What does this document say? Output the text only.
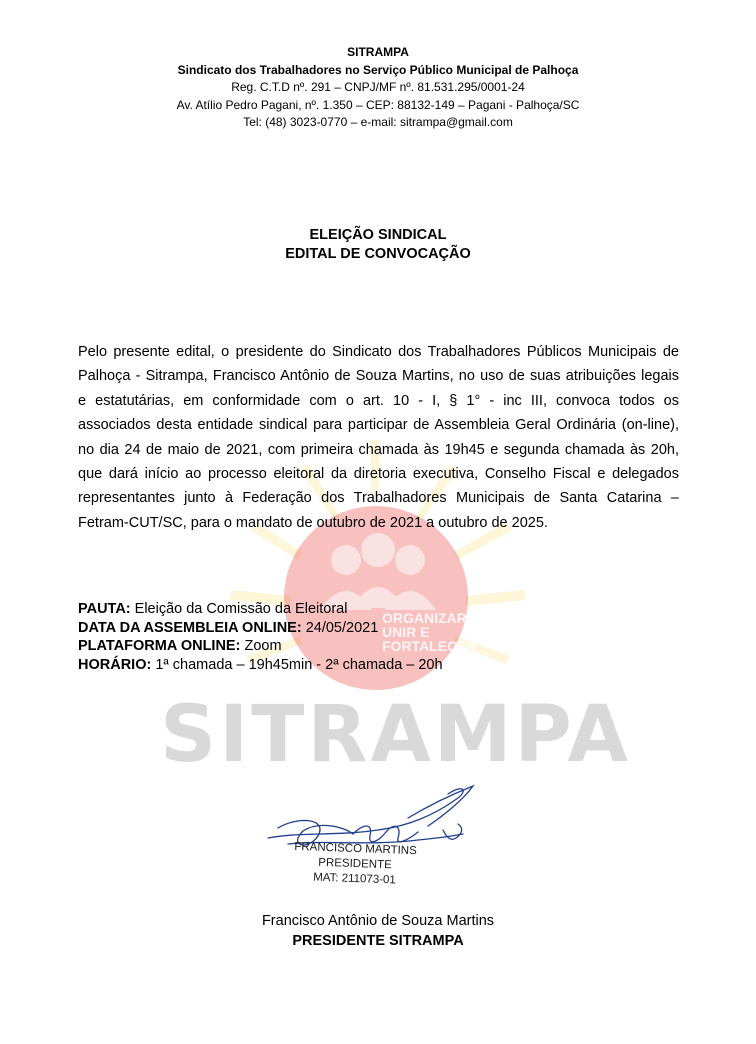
SITRAMPA
ORGANIZAR, UNIR E
FORTALECER
SITRAMPA
Sindicato dos Trabalhadores no Serviço Público Municipal de Palhoça
Reg. C.T.D nº. 291 – CNPJ/MF nº. 81.531.295/0001-24
Av. Atílio Pedro Pagani, nº. 1.350 – CEP: 88132-149 – Pagani - Palhoça/SC
Tel: (48) 3023-0770 – e-mail: sitrampa@gmail.com
ELEIÇÃO SINDICAL
EDITAL DE CONVOCAÇÃO
Pelo presente edital, o presidente do Sindicato dos Trabalhadores Públicos Municipais de
Palhoça - Sitrampa, Francisco Antônio de Souza Martins, no uso de suas atribuições legais
e estatutárias, em conformidade com o art. 10 - I, § 1° - inc III, convoca todos os
associados desta entidade sindical para participar de Assembleia Geral Ordinária (on-line),
no dia 24 de maio de 2021, com primeira chamada às 19h45 e segunda chamada às 20h,
que dará início ao processo eleitoral da diretoria executiva, Conselho Fiscal e delegados
representantes junto à Federação dos Trabalhadores Municipais de Santa Catarina –
Fetram-CUT/SC, para o mandato de outubro de 2021 a outubro de 2025.
PAUTA: Eleição da Comissão da Eleitoral
DATA DA ASSEMBLEIA ONLINE: 24/05/2021
PLATAFORMA ONLINE: Zoom
HORÁRIO: 1ª chamada – 19h45min - 2ª chamada – 20h
FRANCISCO MARTINS
PRESIDENTE
MAT: 211073-01
Francisco Antônio de Souza Martins
PRESIDENTE SITRAMPA
